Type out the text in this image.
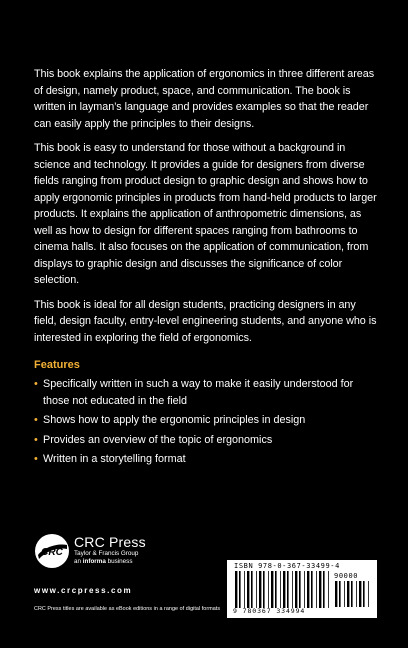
This book explains the application of ergonomics in three different areas of design, namely product, space, and communication. The book is written in layman’s language and provides examples so that the reader can easily apply the principles to their designs.

This book is easy to understand for those without a background in science and technology. It provides a guide for designers from diverse fields ranging from product design to graphic design and shows how to apply ergonomic principles in products from hand-held products to larger products. It explains the application of anthropometric dimensions, as well as how to design for different spaces ranging from bathrooms to cinema halls. It also focuses on the application of communication, from displays to graphic design and discusses the significance of color selection.

This book is ideal for all design students, practicing designers in any field, design faculty, entry-level engineering students, and anyone who is interested in exploring the field of ergonomics.

Features
• Specifically written in such a way to make it easily understood for those not educated in the field
• Shows how to apply the ergonomic principles in design
• Provides an overview of the topic of ergonomics
• Written in a storytelling format
CRC
CRC Press
Taylor & Francis Group
an informa business
www.crcpress.com
CRC Press titles are available as eBook editions in a range of digital formats
ISBN 978-0-367-33499-4
90000
9 780367 334994
